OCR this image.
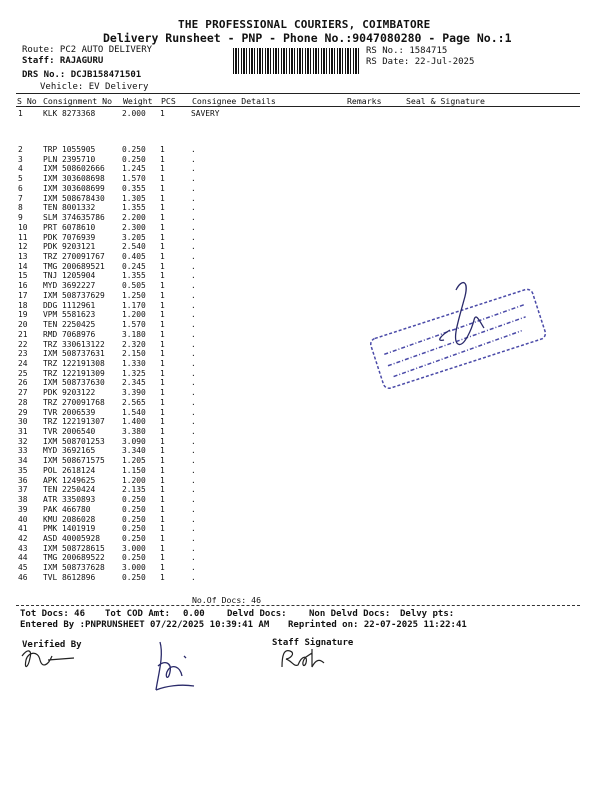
THE PROFESSIONAL COURIERS, COIMBATORE
Delivery Runsheet - PNP - Phone No.:9047080280 - Page No.:1
Route: PC2 AUTO DELIVERY
Staff: RAJAGURU
DRS No.: DCJB158471501
Vehicle: EV Delivery
RS No.: 1584715
RS Date: 22-Jul-2025
S No Consignment No Weight PCS Consignee Details	Remarks	Seal & Signature
1	KLK 8273368	2.000 1	SAVERY
2	TRP 1055905	0.250 1	.
3	PLN 2395710	0.250 1	.
4	IXM 508602666 1.245 1	.
5	IXM 303608698 1.570 1	.
6	IXM 303608699 0.355 1	.
7	IXM 508678430 1.305 1	.
8	TEN 8001332	1.355 1	.
9	SLM 374635786 2.200 1	.
10 PRT 6078610	2.300 1	.
11 PDK 7076939	3.205 1	.
12 PDK 9203121	2.540 1	.
13 TRZ 270091767 0.405 1	.
14 TMG 200689521 0.245 1	.
15 TNJ 1205904	1.355 1	.
16 MYD 3692227	0.505 1	.
17 IXM 508737629 1.250 1	.
18 DDG 1112961	1.170 1	.
19 VPM 5581623	1.200 1	.
20 TEN 2250425	1.570 1	.
21 RMD 7068976	3.180 1	.
22 TRZ 330613122 2.320 1	.
23 IXM 508737631 2.150 1	.
24 TRZ 122191308 1.330 1	.
25 TRZ 122191309 1.325 1	.
26 IXM 508737630 2.345 1	.
27 PDK 9203122	3.390 1	.
28 TRZ 270091768 2.565 1	.
29 TVR 2006539	1.540 1	.
30 TRZ 122191307 1.400 1	.
31 TVR 2006540	3.380 1	.
32 IXM 508701253 3.090 1	.
33 MYD 3692165	3.340 1	.
34 IXM 508671575 1.205 1	.
35 POL 2618124	1.150 1	.
36 APK 1249625	1.200 1	.
37 TEN 2250424	2.135 1	.
38 ATR 3350893	0.250 1	.
39 PAK 466780	0.250 1	.
40 KMU 2086028	0.250 1	.
41 PMK 1401919	0.250 1	.
42 ASD 40005928	0.250 1	.
43 IXM 508728615 3.000 1	.
44 TMG 200689522 0.250 1	.
45 IXM 508737628 3.000 1	.
46 TVL 8612896	0.250 1	.
No.Of Docs: 46
Tot Docs: 46 Tot COD Amt: 0.00 Delvd Docs: Non Delvd Docs: Delvy pts:
Entered By :PNPRUNSHEET 07/22/2025 10:39:41 AM Reprinted on: 22-07-2025 11:22:41
Verified By	Staff Signature
